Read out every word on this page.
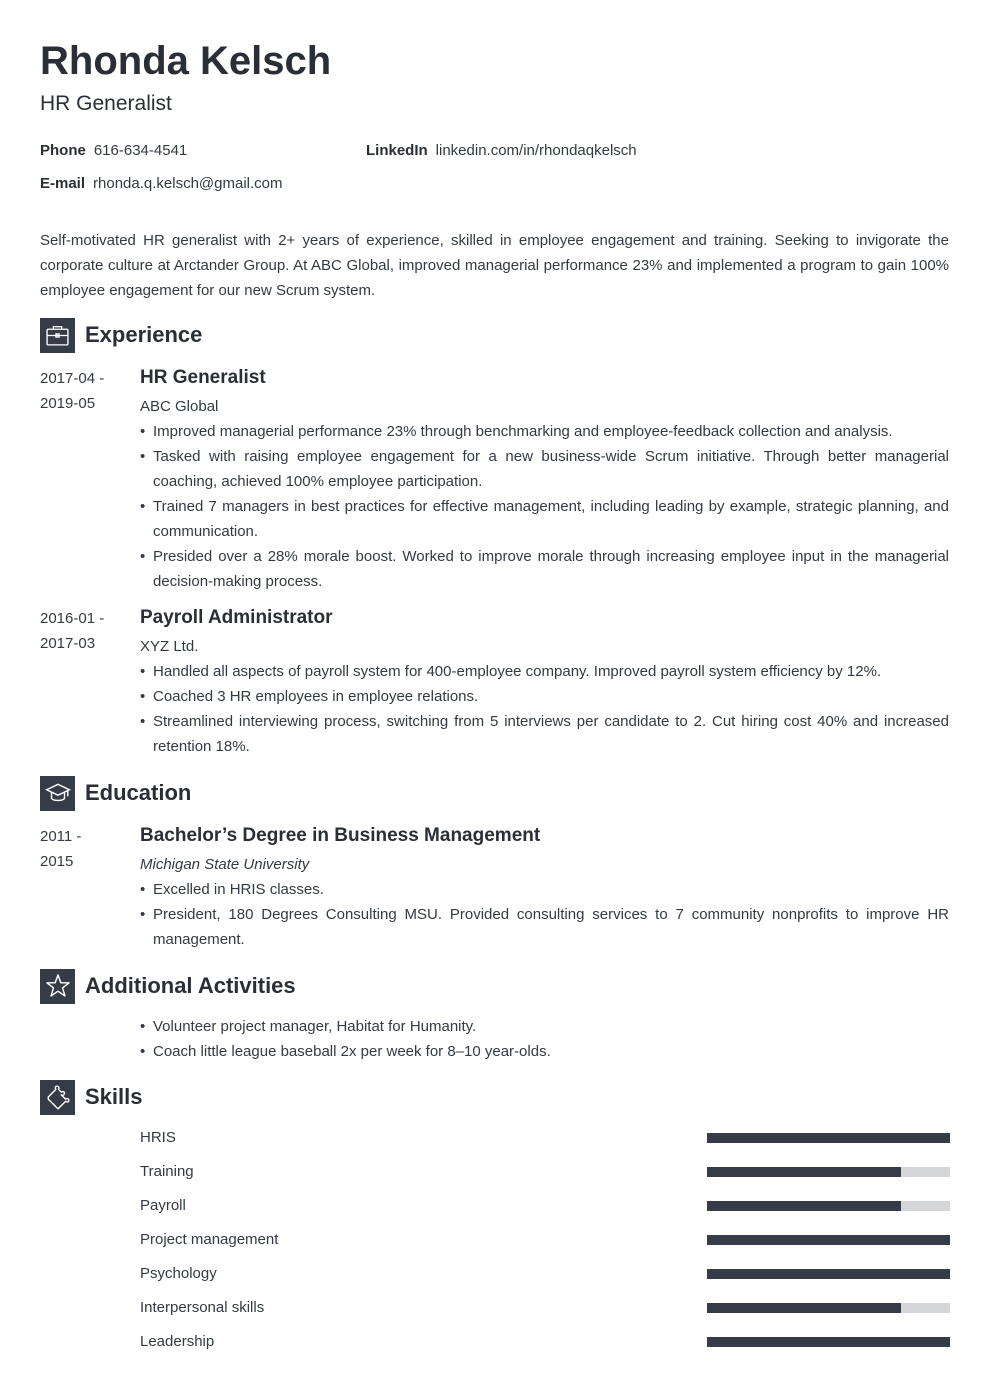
Rhonda Kelsch
HR Generalist
Phone 616-634-4541	LinkedIn linkedin.com/in/rhondaqkelsch
E-mail rhonda.q.kelsch@gmail.com

Self-motivated HR generalist with 2+ years of experience, skilled in employee engagement and training. Seeking to invigorate the corporate culture at Arctander Group. At ABC Global, improved managerial performance 23% and implemented a program to gain 100% employee engagement for our new Scrum system.

Experience
2017-04 -
2019-05
HR Generalist
ABC Global
• Improved managerial performance 23% through benchmarking and employee-feedback collection and analysis.
• Tasked with raising employee engagement for a new business-wide Scrum initiative. Through better managerial coaching, achieved 100% employee participation.
• Trained 7 managers in best practices for effective management, including leading by example, strategic planning, and communication.
• Presided over a 28% morale boost. Worked to improve morale through increasing employee input in the managerial decision-making process.
2016-01 -
2017-03
Payroll Administrator
XYZ Ltd.
• Handled all aspects of payroll system for 400-employee company. Improved payroll system efficiency by 12%.
• Coached 3 HR employees in employee relations.
• Streamlined interviewing process, switching from 5 interviews per candidate to 2. Cut hiring cost 40% and increased retention 18%.
Education
2011 -
2015
Bachelor’s Degree in Business Management
Michigan State University
• Excelled in HRIS classes.
• President, 180 Degrees Consulting MSU. Provided consulting services to 7 community nonprofits to improve HR management.
Additional Activities
• Volunteer project manager, Habitat for Humanity.
• Coach little league baseball 2x per week for 8–10 year-olds.
Skills
HRIS
Training
Payroll
Project management
Psychology
Interpersonal skills
Leadership
